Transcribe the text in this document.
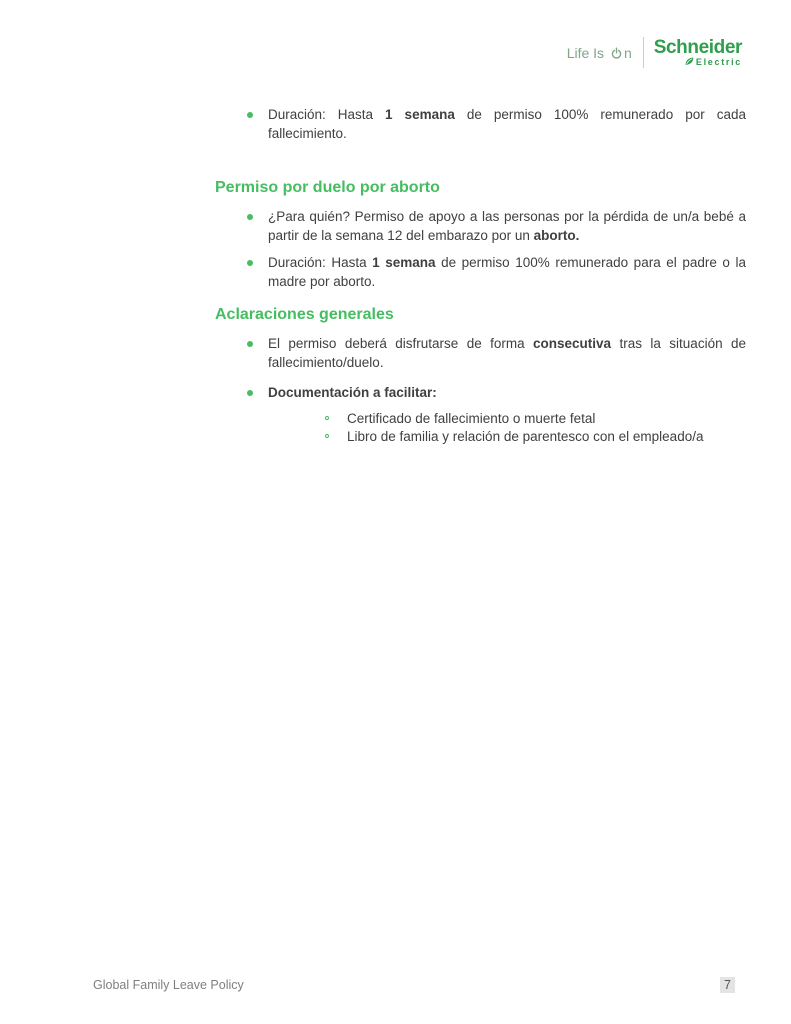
Life Is n Schneider
Electric
Duración: Hasta 1 semana de permiso 100% remunerado por cada fallecimiento.
Permiso por duelo por aborto
¿Para quién? Permiso de apoyo a las personas por la pérdida de un/a bebé a partir de la semana 12 del embarazo por un aborto.
Duración: Hasta 1 semana de permiso 100% remunerado para el padre o la madre por aborto.
Aclaraciones generales
El permiso deberá disfrutarse de forma consecutiva tras la situación de fallecimiento/duelo.
Documentación a facilitar:
Certificado de fallecimiento o muerte fetal
Libro de familia y relación de parentesco con el empleado/a
Global Family Leave Policy	7
